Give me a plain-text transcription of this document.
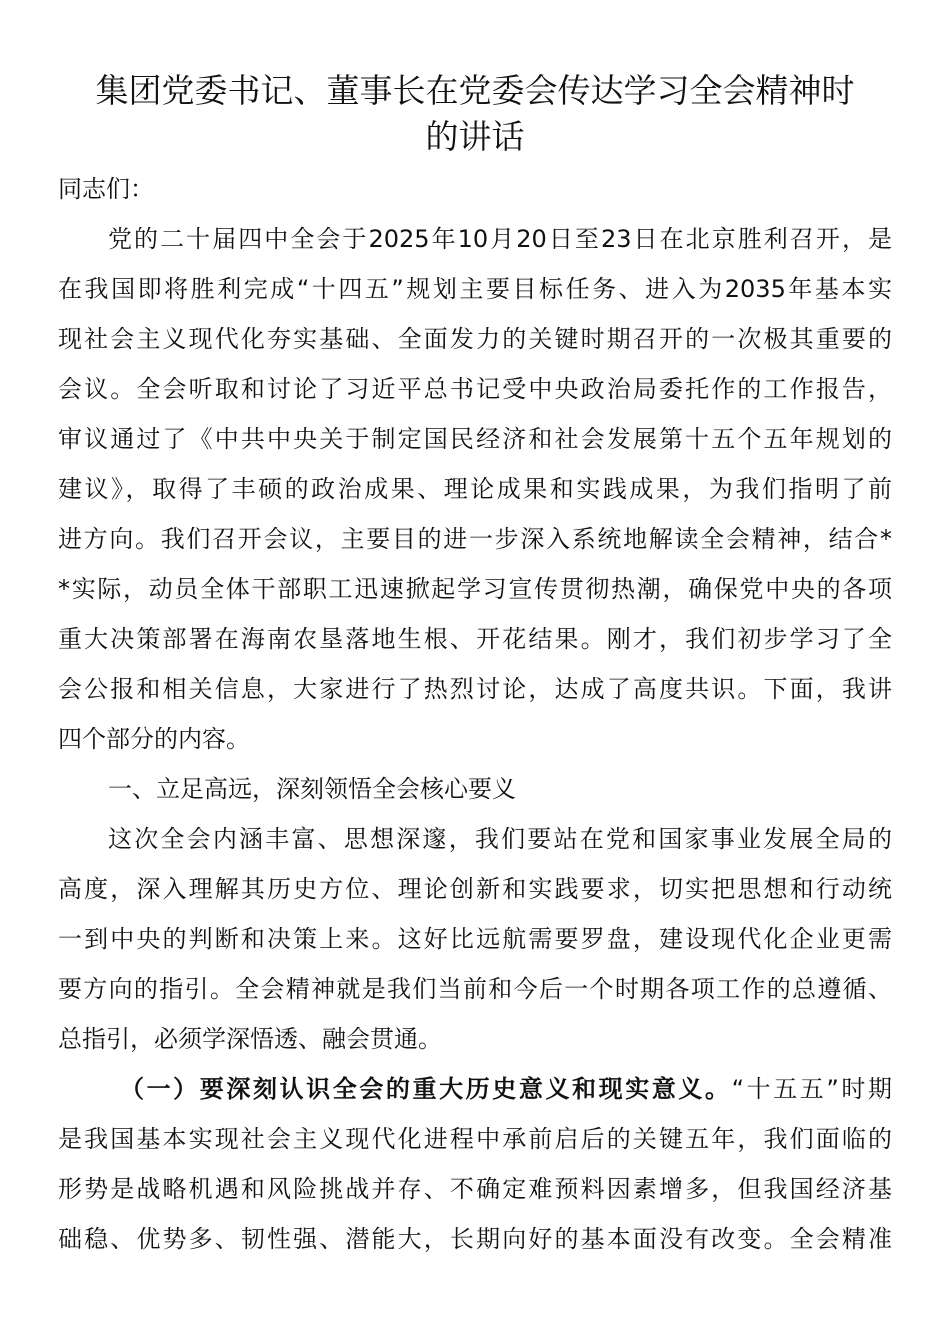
集团党委书记、董事长在党委会传达学习全会精神时
的讲话
同志们：
党的二十届四中全会于2025年10月20日至23日在北京胜利召开，是
在我国即将胜利完成“十四五”规划主要目标任务、进入为2035年基本实
现社会主义现代化夯实基础、全面发力的关键时期召开的一次极其重要的
会议。全会听取和讨论了习近平总书记受中央政治局委托作的工作报告，
审议通过了《中共中央关于制定国民经济和社会发展第十五个五年规划的
建议》，取得了丰硕的政治成果、理论成果和实践成果，为我们指明了前
进方向。我们召开会议，主要目的进一步深入系统地解读全会精神，结合*
*实际，动员全体干部职工迅速掀起学习宣传贯彻热潮，确保党中央的各项
重大决策部署在海南农垦落地生根、开花结果。刚才，我们初步学习了全
会公报和相关信息，大家进行了热烈讨论，达成了高度共识。下面，我讲
四个部分的内容。
一、立足高远，深刻领悟全会核心要义
这次全会内涵丰富、思想深邃，我们要站在党和国家事业发展全局的
高度，深入理解其历史方位、理论创新和实践要求，切实把思想和行动统
一到中央的判断和决策上来。这好比远航需要罗盘，建设现代化企业更需
要方向的指引。全会精神就是我们当前和今后一个时期各项工作的总遵循、
总指引，必须学深悟透、融会贯通。
（一）要深刻认识全会的重大历史意义和现实意义。“十五五”时期
是我国基本实现社会主义现代化进程中承前启后的关键五年，我们面临的
形势是战略机遇和风险挑战并存、不确定难预料因素增多，但我国经济基
础稳、优势多、韧性强、潜能大，长期向好的基本面没有改变。全会精准
